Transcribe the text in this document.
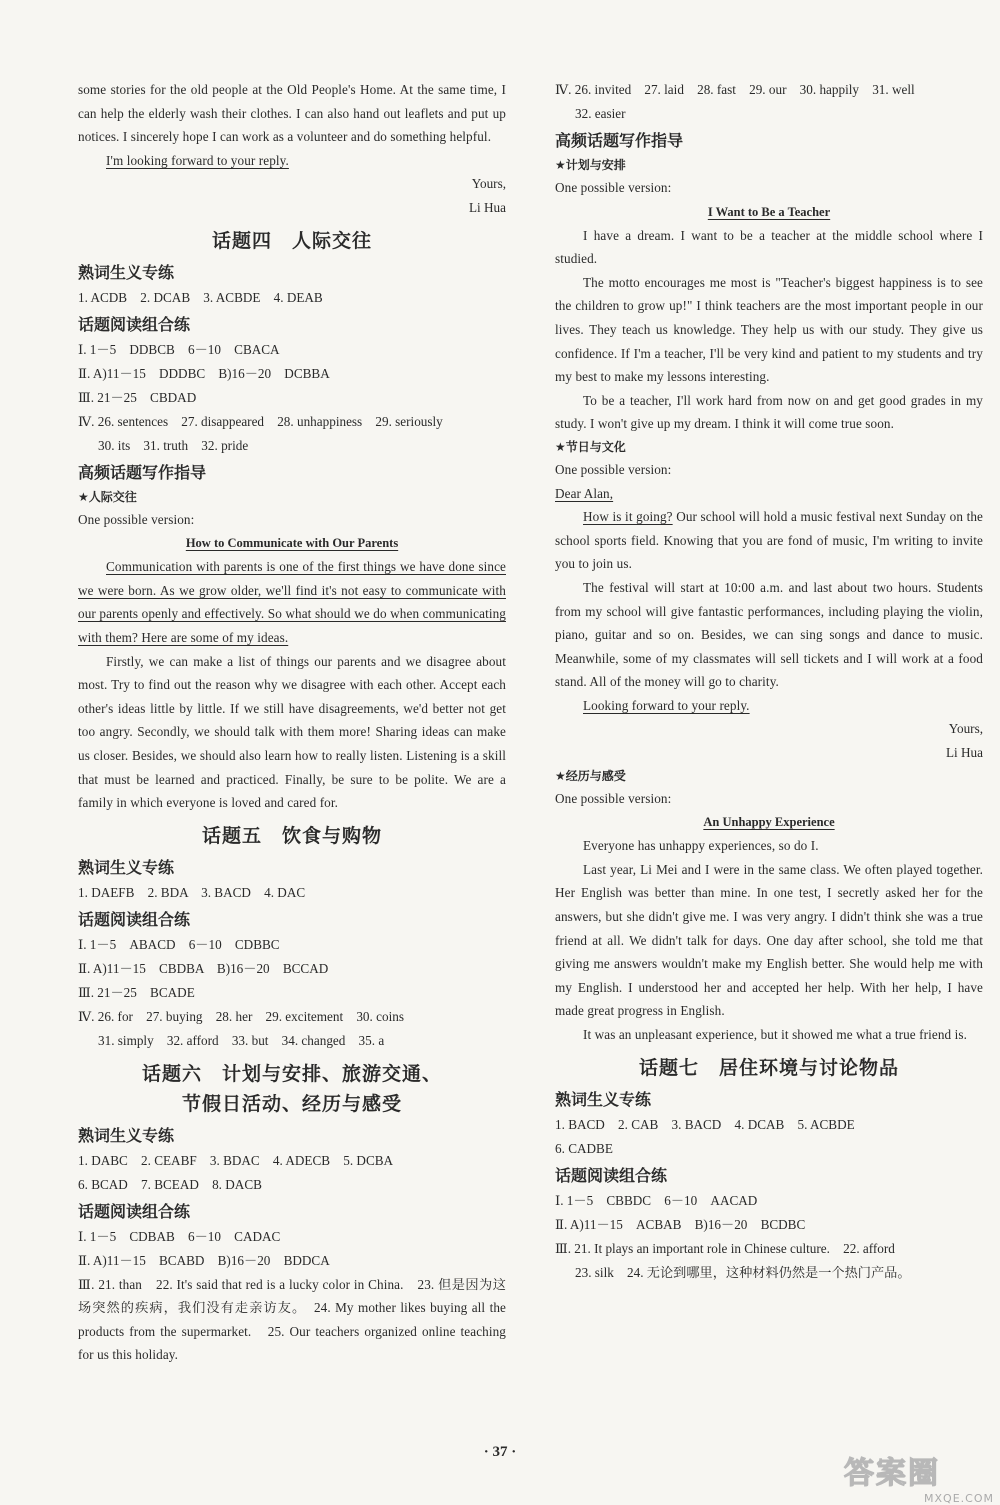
some stories for the old people at the Old People's Home. At the same time, I can help the elderly wash their clothes. I can also hand out leaflets and put up notices. I sincerely hope I can work as a volunteer and do something helpful.

I'm looking forward to your reply.

Yours,
Li Hua
话题四　人际交往
熟词生义专练
1. ACDB　2. DCAB　3. ACBDE　4. DEAB
话题阅读组合练
Ⅰ. 1－5　DDBCB　6－10　CBACA
Ⅱ. A)11－15　DDDBC　B)16－20　DCBBA
Ⅲ. 21－25　CBDAD
Ⅳ. 26. sentences　27. disappeared　28. unhappiness　29. seriously
30. its　31. truth　32. pride
高频话题写作指导
★人际交往

One possible version:

How to Communicate with Our Parents

Communication with parents is one of the first things we have done since we were born. As we grow older, we'll find it's not easy to communicate with our parents openly and effectively. So what should we do when communicating with them? Here are some of my ideas.

Firstly, we can make a list of things our parents and we disagree about most. Try to find out the reason why we disagree with each other. Accept each other's ideas little by little. If we still have disagreements, we'd better not get too angry. Secondly, we should talk with them more! Sharing ideas can make us closer. Besides, we should also learn how to really listen. Listening is a skill that must be learned and practiced. Finally, be sure to be polite. We are a family in which everyone is loved and cared for.

话题五　饮食与购物
熟词生义专练
1. DAEFB　2. BDA　3. BACD　4. DAC
话题阅读组合练
Ⅰ. 1－5　ABACD　6－10　CDBBC
Ⅱ. A)11－15　CBDBA　B)16－20　BCCAD
Ⅲ. 21－25　BCADE
Ⅳ. 26. for　27. buying　28. her　29. excitement　30. coins
31. simply　32. afford　33. but　34. changed　35. a
话题六　计划与安排、旅游交通、
节假日活动、经历与感受
熟词生义专练
1. DABC　2. CEABF　3. BDAC　4. ADECB　5. DCBA
6. BCAD　7. BCEAD　8. DACB
话题阅读组合练
Ⅰ. 1－5　CDBAB　6－10　CADAC
Ⅱ. A)11－15　BCABD　B)16－20　BDDCA

Ⅲ. 21. than　22. It's said that red is a lucky color in China.　23. 但是因为这场突然的疾病，我们没有走亲访友。　24. My mother likes buying all the products from the supermarket.　25. Our teachers organized online teaching for us this holiday.

Ⅳ. 26. invited　27. laid　28. fast　29. our　30. happily　31. well
32. easier
高频话题写作指导
★计划与安排

One possible version:

I Want to Be a Teacher

I have a dream. I want to be a teacher at the middle school where I studied.

The motto encourages me most is "Teacher's biggest happiness is to see the children to grow up!" I think teachers are the most important people in our lives. They teach us knowledge. They help us with our study. They give us confidence. If I'm a teacher, I'll be very kind and patient to my students and try my best to make my lessons interesting.

To be a teacher, I'll work hard from now on and get good grades in my study. I won't give up my dream. I think it will come true soon.

★节日与文化

One possible version:

Dear Alan,

How is it going? Our school will hold a music festival next Sunday on the school sports field. Knowing that you are fond of music, I'm writing to invite you to join us.

The festival will start at 10:00 a.m. and last about two hours. Students from my school will give fantastic performances, including playing the violin, piano, guitar and so on. Besides, we can sing songs and dance to music. Meanwhile, some of my classmates will sell tickets and I will work at a food stand. All of the money will go to charity.

Looking forward to your reply.

Yours,
Li Hua
★经历与感受

One possible version:

An Unhappy Experience

Everyone has unhappy experiences, so do I.

Last year, Li Mei and I were in the same class. We often played together. Her English was better than mine. In one test, I secretly asked her for the answers, but she didn't give me. I was very angry. I didn't think she was a true friend at all. We didn't talk for days. One day after school, she told me that giving me answers wouldn't make my English better. She would help me with my English. I understood her and accepted her help. With her help, I have made great progress in English.

It was an unpleasant experience, but it showed me what a true friend is.

话题七　居住环境与讨论物品
熟词生义专练
1. BACD　2. CAB　3. BACD　4. DCAB　5. ACBDE
6. CADBE
话题阅读组合练
Ⅰ. 1－5　CBBDC　6－10　AACAD
Ⅱ. A)11－15　ACBAB　B)16－20　BCDBC
Ⅲ. 21. It plays an important role in Chinese culture.　22. afford
23. silk　24. 无论到哪里，这种材料仍然是一个热门产品。
· 37 ·
答案圈
MXQE.COM
